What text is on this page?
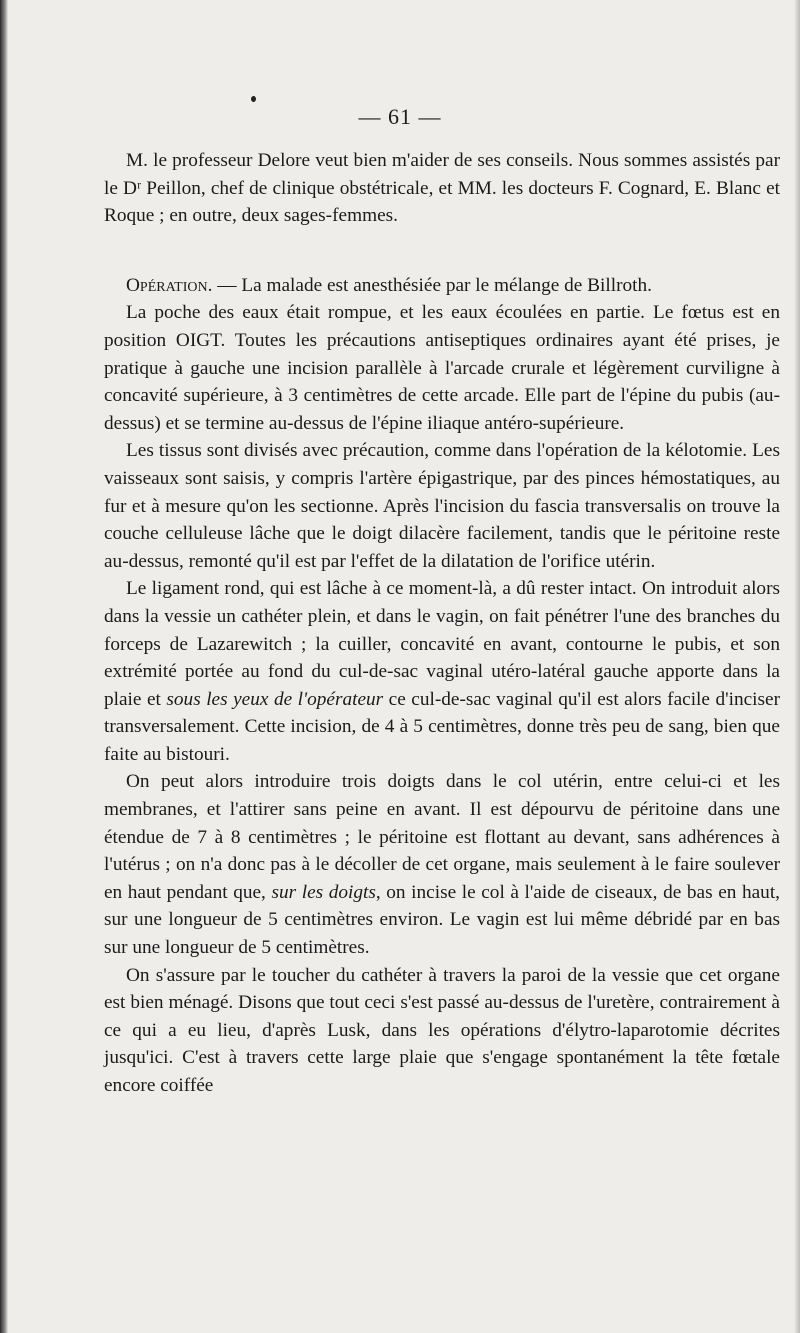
— 61 —

M. le professeur Delore veut bien m'aider de ses conseils. Nous sommes assistés par le Dʳ Peillon, chef de clinique obstétricale, et MM. les docteurs F. Cognard, E. Blanc et Roque ; en outre, deux sages-femmes.

Opération. — La malade est anesthésiée par le mélange de Billroth.

La poche des eaux était rompue, et les eaux écoulées en partie. Le fœtus est en position OIGT. Toutes les précautions antiseptiques ordinaires ayant été prises, je pratique à gauche une incision parallèle à l'arcade crurale et légèrement curviligne à concavité supérieure, à 3 centimètres de cette arcade. Elle part de l'épine du pubis (au-dessus) et se termine au-dessus de l'épine iliaque antéro-supérieure.

Les tissus sont divisés avec précaution, comme dans l'opération de la kélotomie. Les vaisseaux sont saisis, y compris l'artère épigastrique, par des pinces hémostatiques, au fur et à mesure qu'on les sectionne. Après l'incision du fascia transversalis on trouve la couche celluleuse lâche que le doigt dilacère facilement, tandis que le péritoine reste au-dessus, remonté qu'il est par l'effet de la dilatation de l'orifice utérin.

Le ligament rond, qui est lâche à ce moment-là, a dû rester intact. On introduit alors dans la vessie un cathéter plein, et dans le vagin, on fait pénétrer l'une des branches du forceps de Lazarewitch ; la cuiller, concavité en avant, contourne le pubis, et son extrémité portée au fond du cul-de-sac vaginal utéro-latéral gauche apporte dans la plaie et sous les yeux de l'opérateur ce cul-de-sac vaginal qu'il est alors facile d'inciser transversalement. Cette incision, de 4 à 5 centimètres, donne très peu de sang, bien que faite au bistouri.

On peut alors introduire trois doigts dans le col utérin, entre celui-ci et les membranes, et l'attirer sans peine en avant. Il est dépourvu de péritoine dans une étendue de 7 à 8 centimètres ; le péritoine est flottant au devant, sans adhérences à l'utérus ; on n'a donc pas à le décoller de cet organe, mais seulement à le faire soulever en haut pendant que, sur les doigts, on incise le col à l'aide de ciseaux, de bas en haut, sur une longueur de 5 centimètres environ. Le vagin est lui même débridé par en bas sur une longueur de 5 centimètres.

On s'assure par le toucher du cathéter à travers la paroi de la vessie que cet organe est bien ménagé. Disons que tout ceci s'est passé au-dessus de l'uretère, contrairement à ce qui a eu lieu, d'après Lusk, dans les opérations d'élytro-laparotomie décrites jusqu'ici. C'est à travers cette large plaie que s'engage spontanément la tête fœtale encore coiffée
